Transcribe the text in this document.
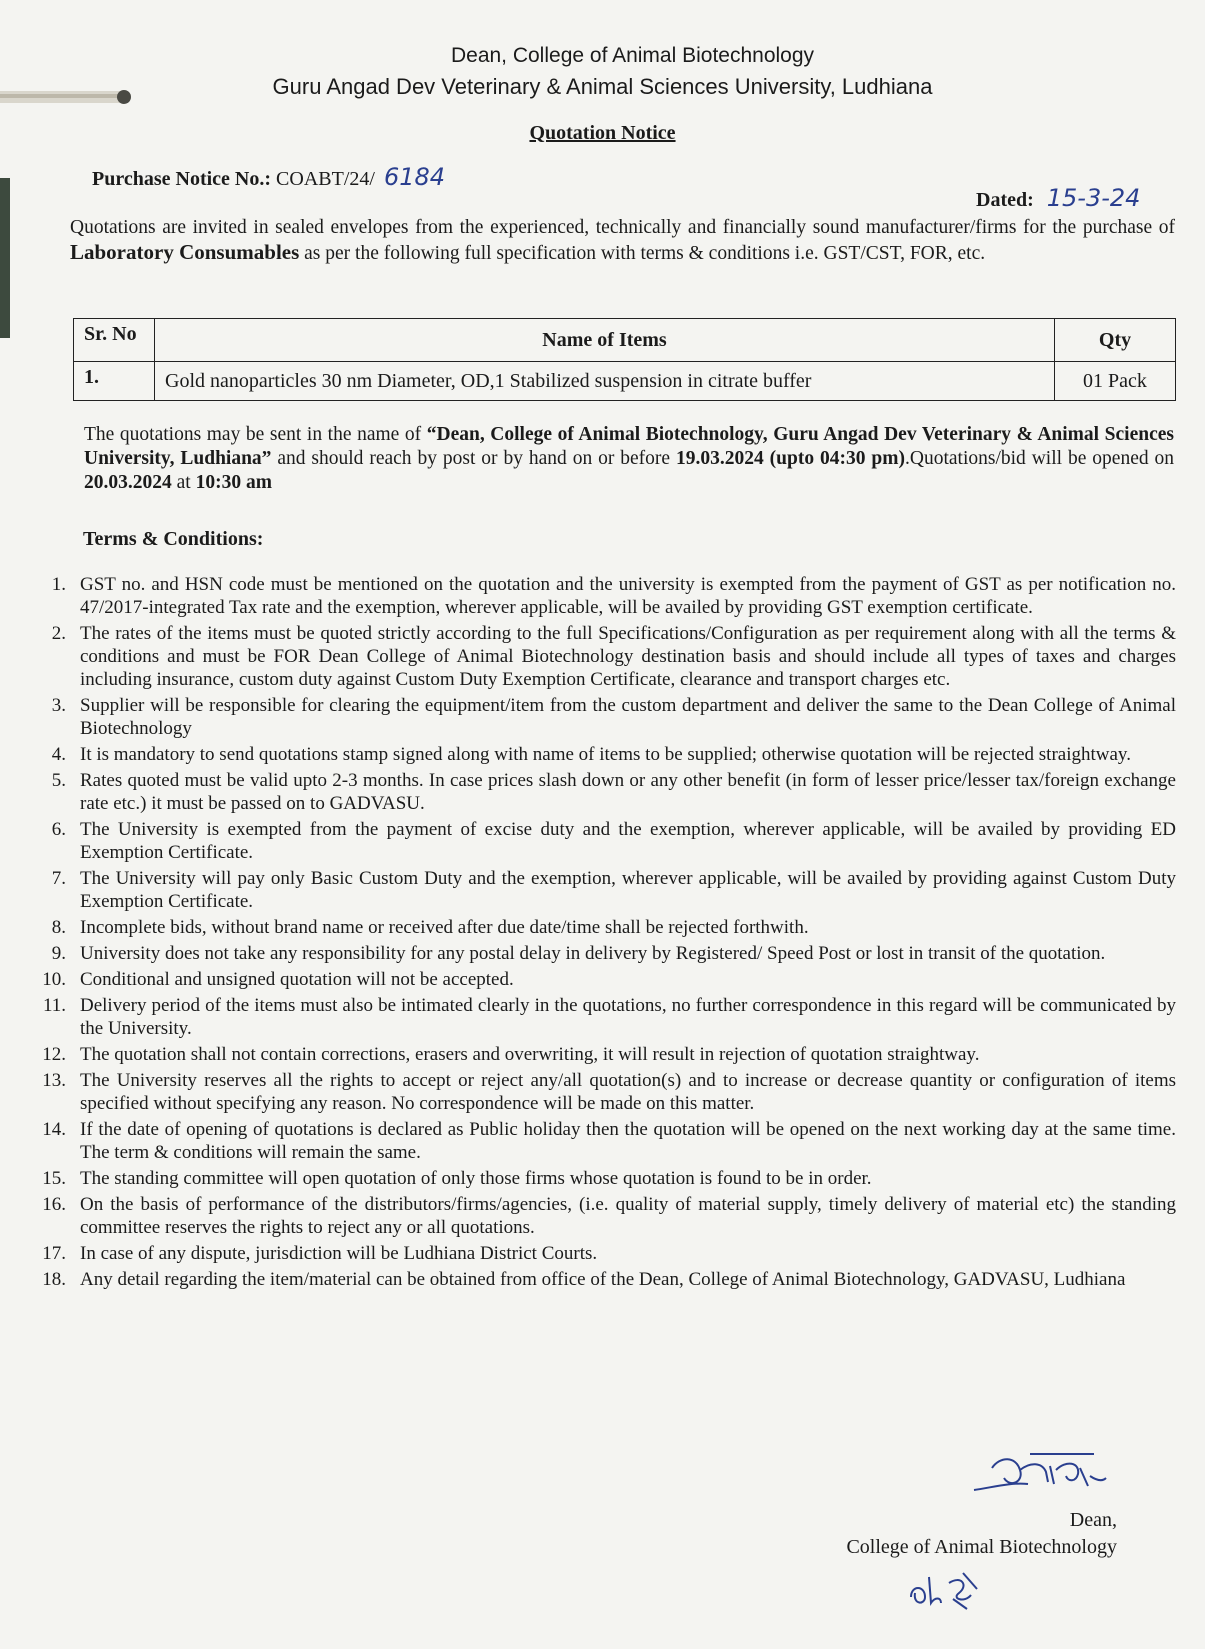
Dean, College of Animal Biotechnology
Guru Angad Dev Veterinary & Animal Sciences University, Ludhiana
Quotation Notice
Purchase Notice No.: COABT/24/ 6184
Dated: 15-3-24
Quotations are invited in sealed envelopes from the experienced, technically and financially sound manufacturer/firms for the purchase of Laboratory Consumables as per the following full specification with terms & conditions i.e. GST/CST, FOR, etc.
Sr. No	Name of Items	Qty
1.	Gold nanoparticles 30 nm Diameter, OD,1 Stabilized suspension in citrate buffer	01 Pack
The quotations may be sent in the name of “Dean, College of Animal Biotechnology, Guru Angad Dev Veterinary & Animal Sciences University, Ludhiana” and should reach by post or by hand on or before 19.03.2024 (upto 04:30 pm).Quotations/bid will be opened on 20.03.2024 at 10:30 am
Terms & Conditions:
1. GST no. and HSN code must be mentioned on the quotation and the university is exempted from the payment of GST as per notification no. 47/2017-integrated Tax rate and the exemption, wherever applicable, will be availed by providing GST exemption certificate.
2. The rates of the items must be quoted strictly according to the full Specifications/Configuration as per requirement along with all the terms & conditions and must be FOR Dean College of Animal Biotechnology destination basis and should include all types of taxes and charges including insurance, custom duty against Custom Duty Exemption Certificate, clearance and transport charges etc.
3. Supplier will be responsible for clearing the equipment/item from the custom department and deliver the same to the Dean College of Animal Biotechnology
4. It is mandatory to send quotations stamp signed along with name of items to be supplied; otherwise quotation will be rejected straightway.
5. Rates quoted must be valid upto 2-3 months. In case prices slash down or any other benefit (in form of lesser price/lesser tax/foreign exchange rate etc.) it must be passed on to GADVASU.
6. The University is exempted from the payment of excise duty and the exemption, wherever applicable, will be availed by providing ED Exemption Certificate.
7. The University will pay only Basic Custom Duty and the exemption, wherever applicable, will be availed by providing against Custom Duty Exemption Certificate.
8. Incomplete bids, without brand name or received after due date/time shall be rejected forthwith.
9. University does not take any responsibility for any postal delay in delivery by Registered/ Speed Post or lost in transit of the quotation.
10. Conditional and unsigned quotation will not be accepted.
11. Delivery period of the items must also be intimated clearly in the quotations, no further correspondence in this regard will be communicated by the University.
12. The quotation shall not contain corrections, erasers and overwriting, it will result in rejection of quotation straightway.
13. The University reserves all the rights to accept or reject any/all quotation(s) and to increase or decrease quantity or configuration of items specified without specifying any reason. No correspondence will be made on this matter.
14. If the date of opening of quotations is declared as Public holiday then the quotation will be opened on the next working day at the same time. The term & conditions will remain the same.
15. The standing committee will open quotation of only those firms whose quotation is found to be in order.
16. On the basis of performance of the distributors/firms/agencies, (i.e. quality of material supply, timely delivery of material etc) the standing committee reserves the rights to reject any or all quotations.
17. In case of any dispute, jurisdiction will be Ludhiana District Courts.
18. Any detail regarding the item/material can be obtained from office of the Dean, College of Animal Biotechnology, GADVASU, Ludhiana
Dean,
College of Animal Biotechnology
